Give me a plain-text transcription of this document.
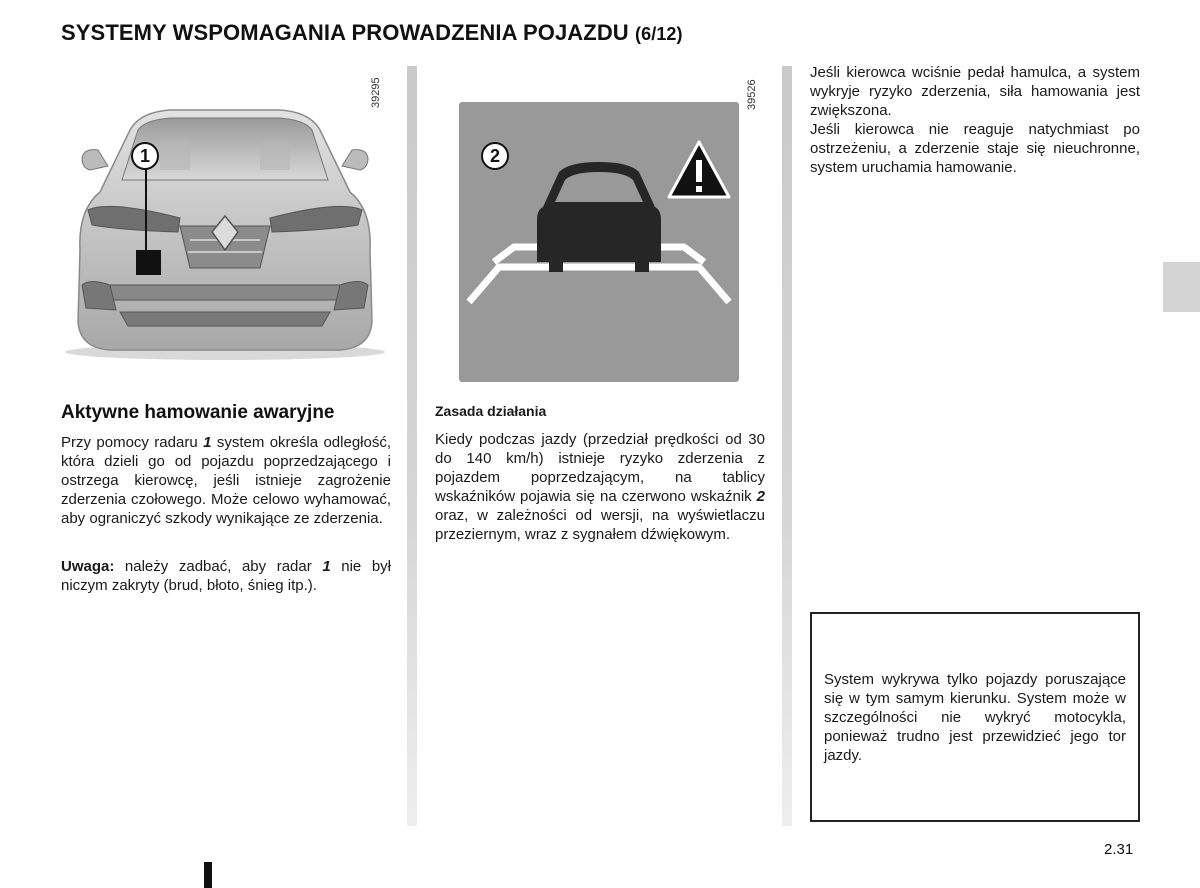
SYSTEMY WSPOMAGANIA PROWADZENIA POJAZDU (6/12)
39295
1
39526
2
Aktywne hamowanie awaryjne

Przy pomocy radaru 1 system określa odległość, która dzieli go od pojazdu poprzedzającego i ostrzega kierowcę, jeśli istnieje zagrożenie zderzenia czołowego. Może celowo wyhamować, aby ograniczyć szkody wynikające ze zderzenia.

Uwaga: należy zadbać, aby radar 1 nie był niczym zakryty (brud, błoto, śnieg itp.).

Zasada działania

Kiedy podczas jazdy (przedział prędkości od 30 do 140 km/h) istnieje ryzyko zderzenia z pojazdem poprzedzającym, na tablicy wskaźników pojawia się na czerwono wskaźnik 2 oraz, w zależności od wersji, na wyświetlaczu przeziernym, wraz z sygnałem dźwiękowym.

Jeśli kierowca wciśnie pedał hamulca, a system wykryje ryzyko zderzenia, siła hamowania jest zwiększona.
Jeśli kierowca nie reaguje natychmiast po ostrzeżeniu, a zderzenie staje się nieuchronne, system uruchamia hamowanie.

System wykrywa tylko pojazdy poruszające się w tym samym kierunku. System może w szczególności nie wykryć motocykla, ponieważ trudno jest przewidzieć jego tor jazdy.

2.31
